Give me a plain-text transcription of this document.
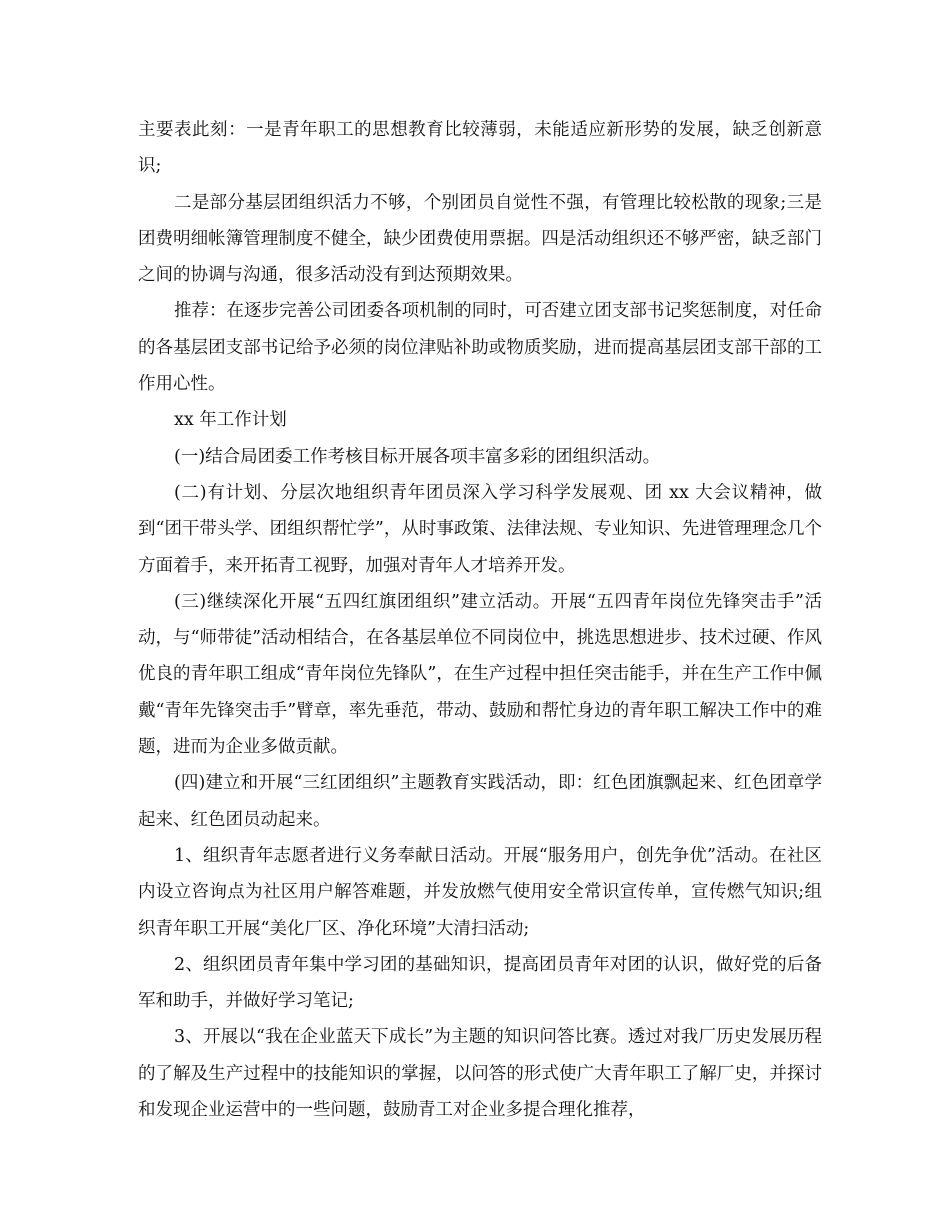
主要表此刻：一是青年职工的思想教育比较薄弱，未能适应新形势的发展，缺乏创新意识;

二是部分基层团组织活力不够，个别团员自觉性不强，有管理比较松散的现象;三是团费明细帐簿管理制度不健全，缺少团费使用票据。四是活动组织还不够严密，缺乏部门之间的协调与沟通，很多活动没有到达预期效果。

推荐：在逐步完善公司团委各项机制的同时，可否建立团支部书记奖惩制度，对任命的各基层团支部书记给予必须的岗位津贴补助或物质奖励，进而提高基层团支部干部的工作用心性。

xx 年工作计划

(一)结合局团委工作考核目标开展各项丰富多彩的团组织活动。

(二)有计划、分层次地组织青年团员深入学习科学发展观、团 xx 大会议精神，做到“团干带头学、团组织帮忙学”，从时事政策、法律法规、专业知识、先进管理理念几个方面着手，来开拓青工视野，加强对青年人才培养开发。

(三)继续深化开展“五四红旗团组织”建立活动。开展“五四青年岗位先锋突击手”活动，与“师带徒”活动相结合，在各基层单位不同岗位中，挑选思想进步、技术过硬、作风优良的青年职工组成“青年岗位先锋队”，在生产过程中担任突击能手，并在生产工作中佩戴“青年先锋突击手”臂章，率先垂范，带动、鼓励和帮忙身边的青年职工解决工作中的难题，进而为企业多做贡献。

(四)建立和开展“三红团组织”主题教育实践活动，即：红色团旗飘起来、红色团章学起来、红色团员动起来。

1、组织青年志愿者进行义务奉献日活动。开展“服务用户，创先争优”活动。在社区内设立咨询点为社区用户解答难题，并发放燃气使用安全常识宣传单，宣传燃气知识;组织青年职工开展“美化厂区、净化环境”大清扫活动;

2、组织团员青年集中学习团的基础知识，提高团员青年对团的认识，做好党的后备军和助手，并做好学习笔记;

3、开展以“我在企业蓝天下成长”为主题的知识问答比赛。透过对我厂历史发展历程的了解及生产过程中的技能知识的掌握，以问答的形式使广大青年职工了解厂史，并探讨和发现企业运营中的一些问题，鼓励青工对企业多提合理化推荐，
